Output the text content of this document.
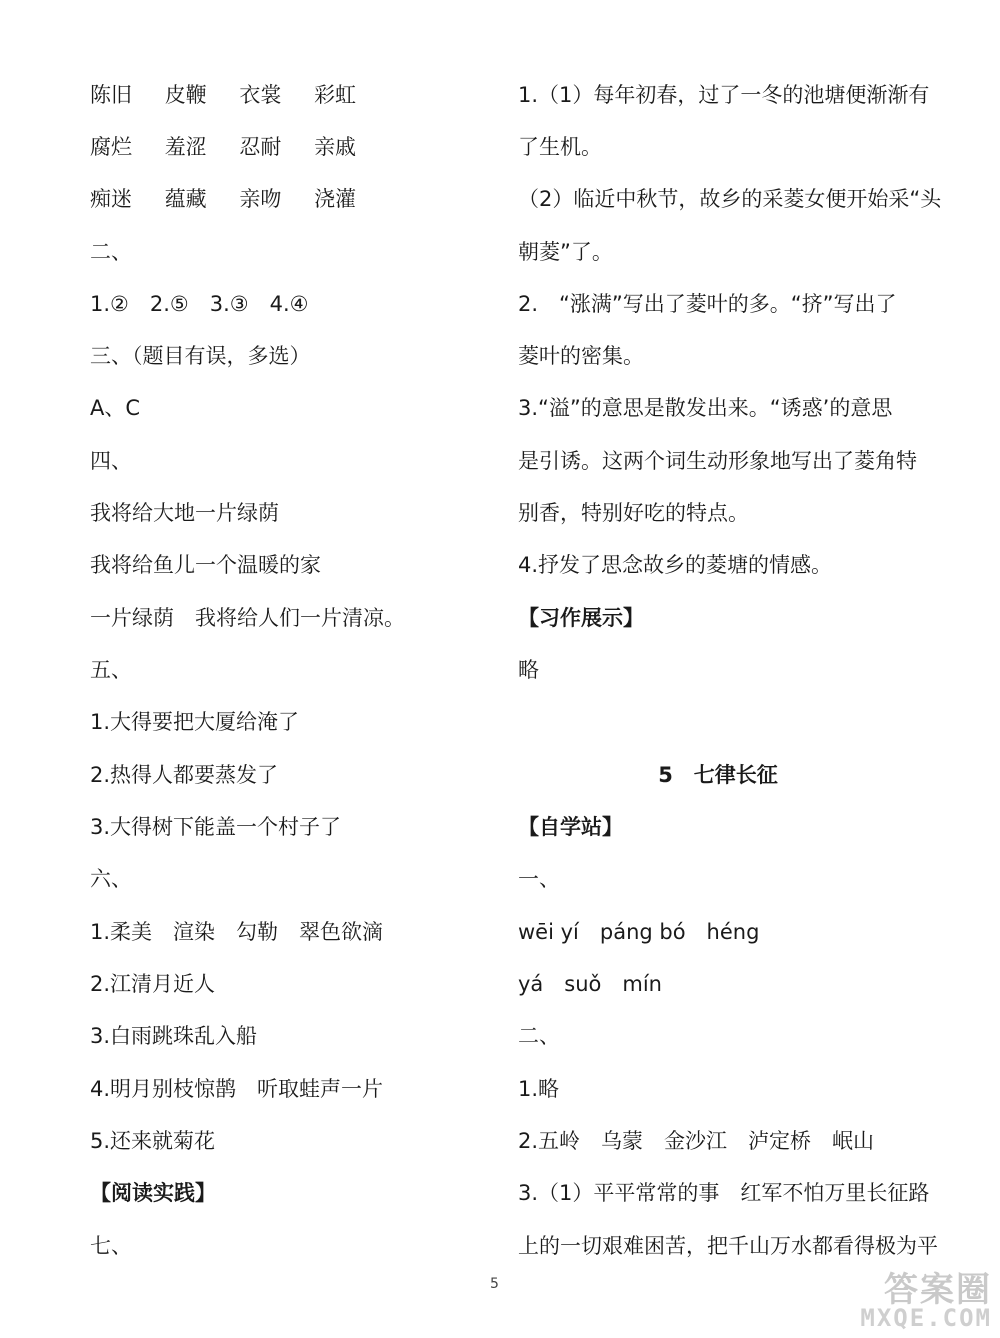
陈旧 皮鞭 衣裳 彩虹
腐烂 羞涩 忍耐 亲戚
痴迷 蕴藏 亲吻 浇灌
二、
1.②　2.⑤　3.③　4.④
三、（题目有误，多选）
A、C
四、
我将给大地一片绿荫
我将给鱼儿一个温暖的家
一片绿荫　我将给人们一片清凉。
五、
1.大得要把大厦给淹了
2.热得人都要蒸发了
3.大得树下能盖一个村子了
六、
1.柔美　渲染　勾勒　翠色欲滴
2.江清月近人
3.白雨跳珠乱入船
4.明月别枝惊鹊　听取蛙声一片
5.还来就菊花
【阅读实践】
七、
1.（1）每年初春，过了一冬的池塘便渐渐有
了生机。
（2）临近中秋节，故乡的采菱女便开始采“头
朝菱”了。
2.　“涨满”写出了菱叶的多。“挤”写出了
菱叶的密集。
3.“溢”的意思是散发出来。“诱惑’的意思
是引诱。这两个词生动形象地写出了菱角特
别香，特别好吃的特点。
4.抒发了思念故乡的菱塘的情感。
【习作展示】
略
5　七律长征
【自学站】
一、
wēi yí　páng bó　héng
yá　suǒ　mín
二、
1.略
2.五岭　乌蒙　金沙江　泸定桥　岷山
3.（1）平平常常的事　红军不怕万里长征路
上的一切艰难困苦，把千山万水都看得极为平
5	答案圈
MXQE.COM
